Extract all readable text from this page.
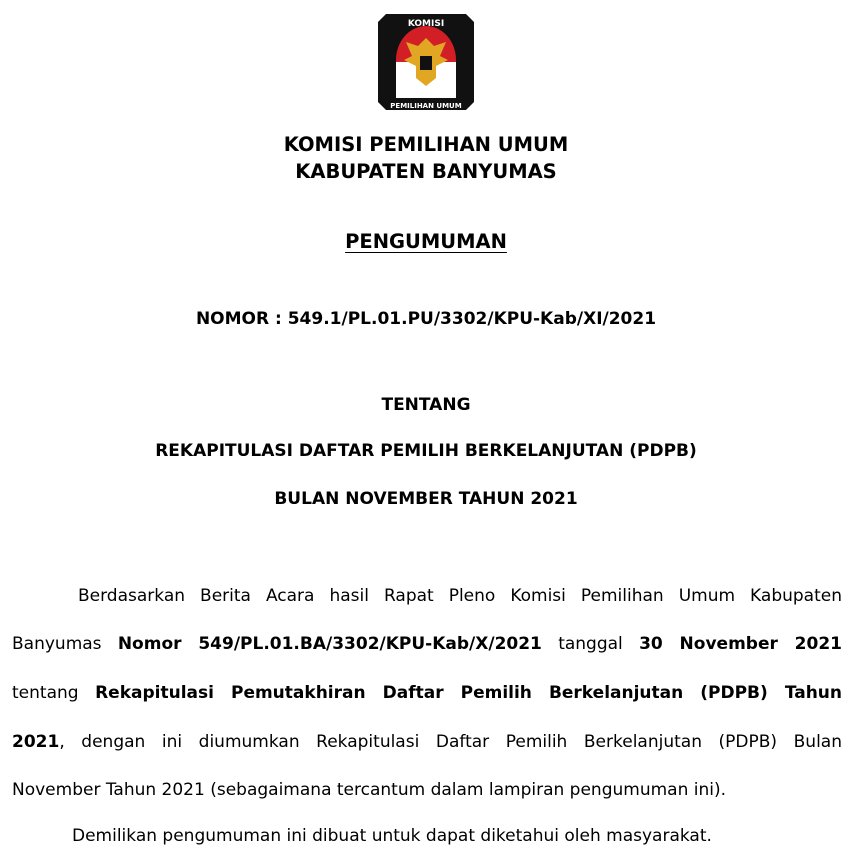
KOMISI
PEMILIHAN UMUM
KOMISI PEMILIHAN UMUM
KABUPATEN BANYUMAS
PENGUMUMAN
NOMOR : 549.1/PL.01.PU/3302/KPU-Kab/XI/2021
TENTANG
REKAPITULASI DAFTAR PEMILIH BERKELANJUTAN (PDPB)
BULAN NOVEMBER TAHUN 2021
Berdasarkan Berita Acara hasil Rapat Pleno Komisi Pemilihan Umum Kabupaten
Banyumas Nomor 549/PL.01.BA/3302/KPU-Kab/X/2021 tanggal 30 November 2021
tentang Rekapitulasi Pemutakhiran Daftar Pemilih Berkelanjutan (PDPB) Tahun
2021, dengan ini diumumkan Rekapitulasi Daftar Pemilih Berkelanjutan (PDPB) Bulan
November Tahun 2021 (sebagaimana tercantum dalam lampiran pengumuman ini).
Demilikan pengumuman ini dibuat untuk dapat diketahui oleh masyarakat.
